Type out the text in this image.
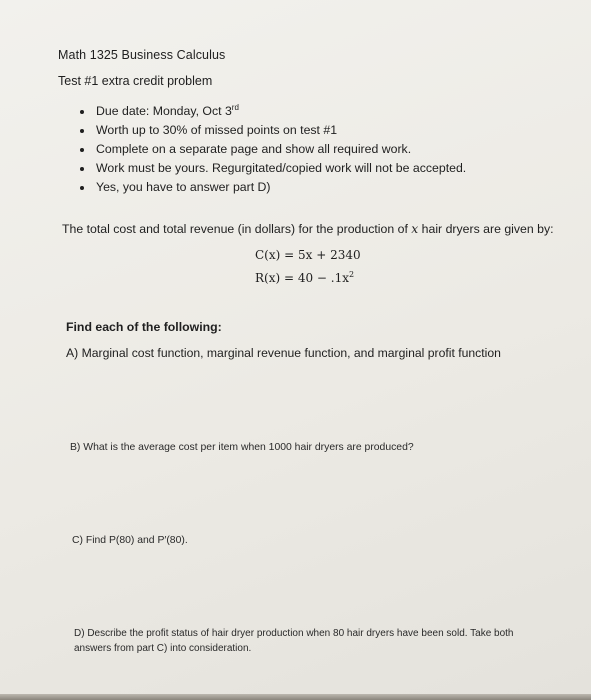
Math 1325 Business Calculus
Test #1 extra credit problem
Due date: Monday, Oct 3rd
Worth up to 30% of missed points on test #1
Complete on a separate page and show all required work.
Work must be yours. Regurgitated/copied work will not be accepted.
Yes, you have to answer part D)
The total cost and total revenue (in dollars) for the production of x hair dryers are given by:
C(x) = 5x + 2340
$R(x) = 40 - .1x^2$
Find each of the following:
A) Marginal cost function, marginal revenue function, and marginal profit function
B) What is the average cost per item when 1000 hair dryers are produced?
C) Find P(80) and P′(80).
D) Describe the profit status of hair dryer production when 80 hair dryers have been sold. Take both answers from part C) into consideration.
